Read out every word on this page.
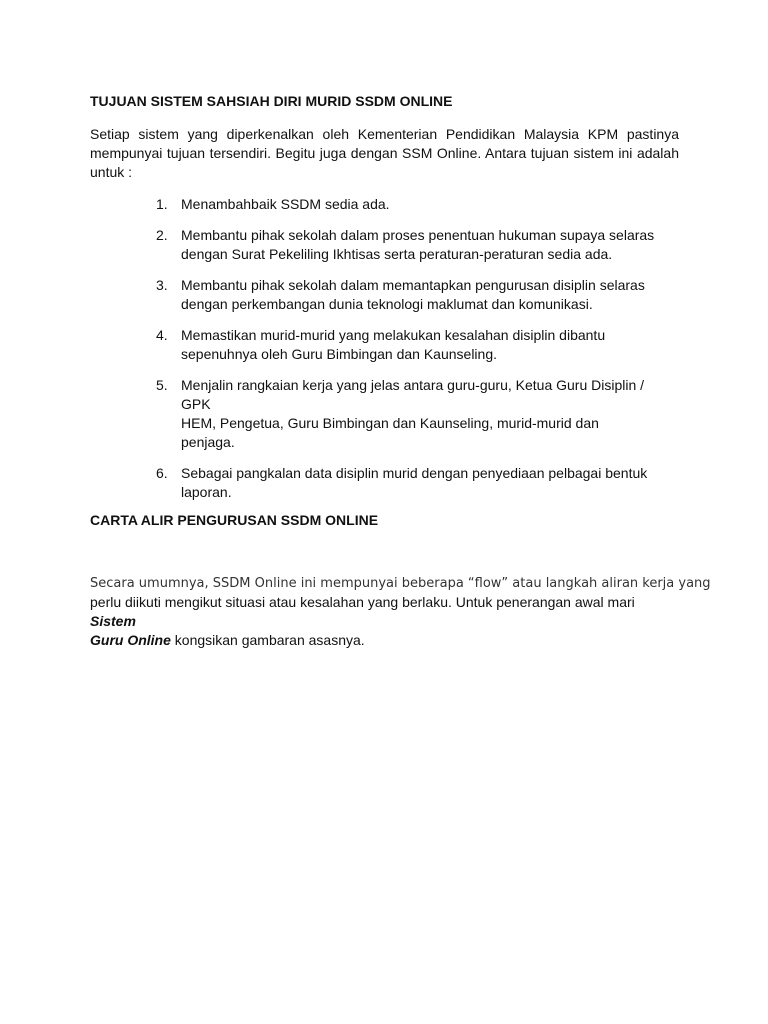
TUJUAN SISTEM SAHSIAH DIRI MURID SSDM ONLINE

Setiap sistem yang diperkenalkan oleh Kementerian Pendidikan Malaysia KPM pastinya
mempunyai tujuan tersendiri. Begitu juga dengan SSM Online. Antara tujuan sistem ini adalah
untuk :

1. Menambahbaik SSDM sedia ada.
2. Membantu pihak sekolah dalam proses penentuan hukuman supaya selaras
dengan Surat Pekeliling Ikhtisas serta peraturan-peraturan sedia ada.
3. Membantu pihak sekolah dalam memantapkan pengurusan disiplin selaras
dengan perkembangan dunia teknologi maklumat dan komunikasi.
4. Memastikan murid-murid yang melakukan kesalahan disiplin dibantu
sepenuhnya oleh Guru Bimbingan dan Kaunseling.
5. Menjalin rangkaian kerja yang jelas antara guru-guru, Ketua Guru Disiplin / GPK
HEM, Pengetua, Guru Bimbingan dan Kaunseling, murid-murid dan penjaga.
6. Sebagai pangkalan data disiplin murid dengan penyediaan pelbagai bentuk
laporan.
CARTA ALIR PENGURUSAN SSDM ONLINE

Secara umumnya, SSDM Online ini mempunyai beberapa “flow” atau langkah aliran kerja yang
perlu diikuti mengikut situasi atau kesalahan yang berlaku. Untuk penerangan awal mari Sistem
Guru Online kongsikan gambaran asasnya.
